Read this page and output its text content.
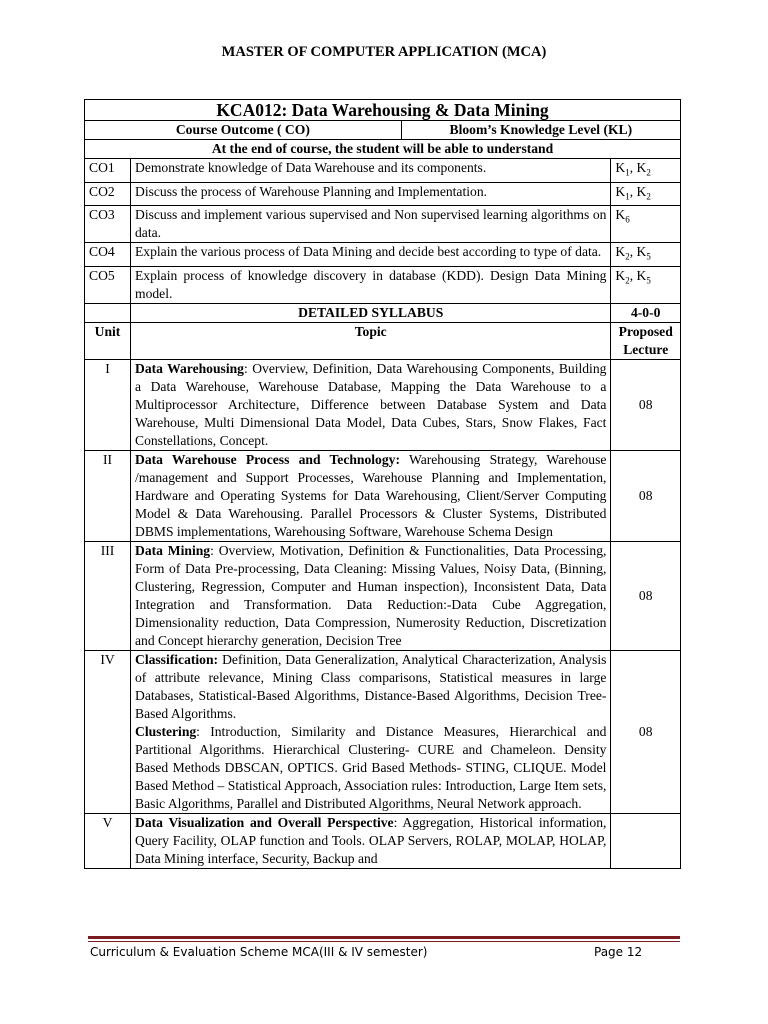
MASTER OF COMPUTER APPLICATION (MCA)
KCA012: Data Warehousing & Data Mining			
Course Outcome ( CO)		Bloom’s Knowledge Level (KL)	
At the end of course, the student will be able to understand			
CO1	Demonstrate knowledge of Data Warehouse and its components.		$K_1$, $K_2$
CO2	Discuss the process of Warehouse Planning and Implementation.		$K_1$, $K_2$
CO3	Discuss and implement various supervised and Non supervised learning algorithms on data.		$K_6$
CO4	Explain the various process of Data Mining and decide best according to type of data.		$K_2$, $K_5$
CO5	Explain process of knowledge discovery in database (KDD). Design Data Mining model.		$K_2$, $K_5$
	DETAILED SYLLABUS		4-0-0
Unit	Topic		Proposed Lecture
I	Data Warehousing: Overview, Definition, Data Warehousing Components, Building a Data Warehouse, Warehouse Database, Mapping the Data Warehouse to a Multiprocessor Architecture, Difference between Database System and Data Warehouse, Multi Dimensional Data Model, Data Cubes, Stars, Snow Flakes, Fact Constellations, Concept.		08
II	Data Warehouse Process and Technology: Warehousing Strategy, Warehouse /management and Support Processes, Warehouse Planning and Implementation, Hardware and Operating Systems for Data Warehousing, Client/Server Computing Model & Data Warehousing. Parallel Processors & Cluster Systems, Distributed DBMS implementations, Warehousing Software, Warehouse Schema Design		08
III	Data Mining: Overview, Motivation, Definition & Functionalities, Data Processing, Form of Data Pre-processing, Data Cleaning: Missing Values, Noisy Data, (Binning, Clustering, Regression, Computer and Human inspection), Inconsistent Data, Data Integration and Transformation. Data Reduction:-Data Cube Aggregation, Dimensionality reduction, Data Compression, Numerosity Reduction, Discretization and Concept hierarchy generation, Decision Tree		08
IV	Classification: Definition, Data Generalization, Analytical Characterization, Analysis of attribute relevance, Mining Class comparisons, Statistical measures in large Databases, Statistical-Based Algorithms, Distance-Based Algorithms, Decision Tree-Based Algorithms.

Clustering: Introduction, Similarity and Distance Measures, Hierarchical and Partitional Algorithms. Hierarchical Clustering- CURE and Chameleon. Density Based Methods DBSCAN, OPTICS. Grid Based Methods- STING, CLIQUE. Model Based Method – Statistical Approach, Association rules: Introduction, Large Item sets, Basic Algorithms, Parallel and Distributed Algorithms, Neural Network approach.		08
V	Data Visualization and Overall Perspective: Aggregation, Historical information, Query Facility, OLAP function and Tools. OLAP Servers, ROLAP, MOLAP, HOLAP, Data Mining interface, Security, Backup and		

Curriculum & Evaluation Scheme MCA(III & IV semester)	Page 12
